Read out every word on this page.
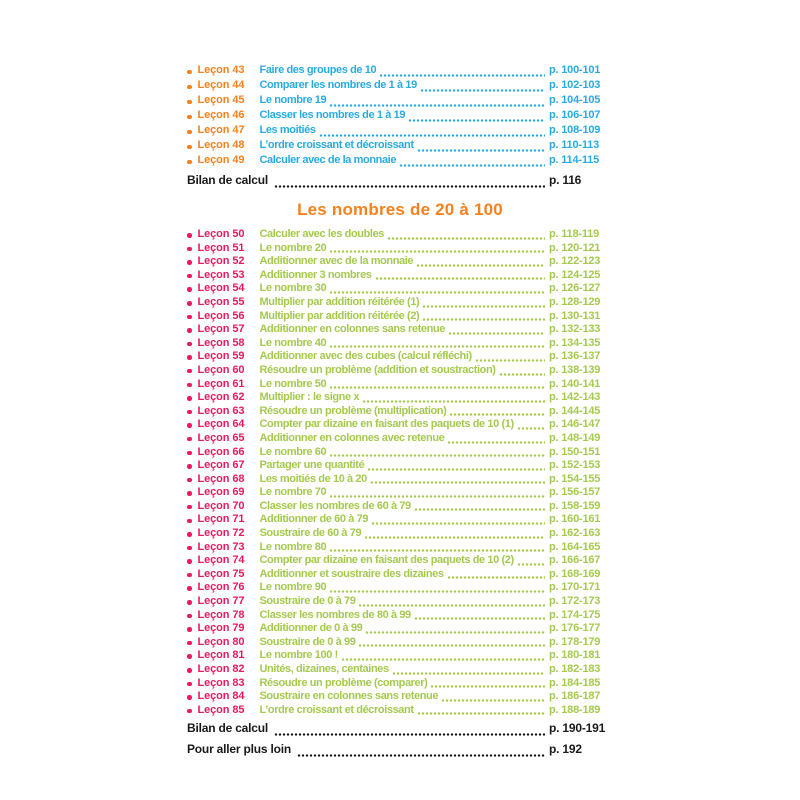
Leçon 43	Faire des groupes de 10	p. 100-101
Leçon 44	Comparer les nombres de 1 à 19	p. 102-103
Leçon 45	Le nombre 19	p. 104-105
Leçon 46	Classer les nombres de 1 à 19	p. 106-107
Leçon 47	Les moitiés	p. 108-109
Leçon 48	L’ordre croissant et décroissant	p. 110-113
Leçon 49	Calculer avec de la monnaie	p. 114-115
Bilan de calcul	p. 116
Les nombres de 20 à 100
Leçon 50	Calculer avec les doubles	p. 118-119
Leçon 51	Le nombre 20	p. 120-121
Leçon 52	Additionner avec de la monnaie	p. 122-123
Leçon 53	Additionner 3 nombres	p. 124-125
Leçon 54	Le nombre 30	p. 126-127
Leçon 55	Multiplier par addition réitérée (1)	p. 128-129
Leçon 56	Multiplier par addition réitérée (2)	p. 130-131
Leçon 57	Additionner en colonnes sans retenue	p. 132-133
Leçon 58	Le nombre 40	p. 134-135
Leçon 59	Additionner avec des cubes (calcul réfléchi)	p. 136-137
Leçon 60	Résoudre un problème (addition et soustraction)	p. 138-139
Leçon 61	Le nombre 50	p. 140-141
Leçon 62	Multiplier : le signe x	p. 142-143
Leçon 63	Résoudre un problème (multiplication)	p. 144-145
Leçon 64	Compter par dizaine en faisant des paquets de 10 (1)	p. 146-147
Leçon 65	Additionner en colonnes avec retenue	p. 148-149
Leçon 66	Le nombre 60	p. 150-151
Leçon 67	Partager une quantité	p. 152-153
Leçon 68	Les moitiés de 10 à 20	p. 154-155
Leçon 69	Le nombre 70	p. 156-157
Leçon 70	Classer les nombres de 60 à 79	p. 158-159
Leçon 71	Additionner de 60 à 79	p. 160-161
Leçon 72	Soustraire de 60 à 79	p. 162-163
Leçon 73	Le nombre 80	p. 164-165
Leçon 74	Compter par dizaine en faisant des paquets de 10 (2)	p. 166-167
Leçon 75	Additionner et soustraire des dizaines	p. 168-169
Leçon 76	Le nombre 90	p. 170-171
Leçon 77	Soustraire de 0 à 79	p. 172-173
Leçon 78	Classer les nombres de 80 à 99	p. 174-175
Leçon 79	Additionner de 0 à 99	p. 176-177
Leçon 80	Soustraire de 0 à 99	p. 178-179
Leçon 81	Le nombre 100 !	p. 180-181
Leçon 82	Unités, dizaines, centaines	p. 182-183
Leçon 83	Résoudre un problème (comparer)	p. 184-185
Leçon 84	Soustraire en colonnes sans retenue	p. 186-187
Leçon 85	L’ordre croissant et décroissant	p. 188-189
Bilan de calcul	p. 190-191
Pour aller plus loin	p. 192
